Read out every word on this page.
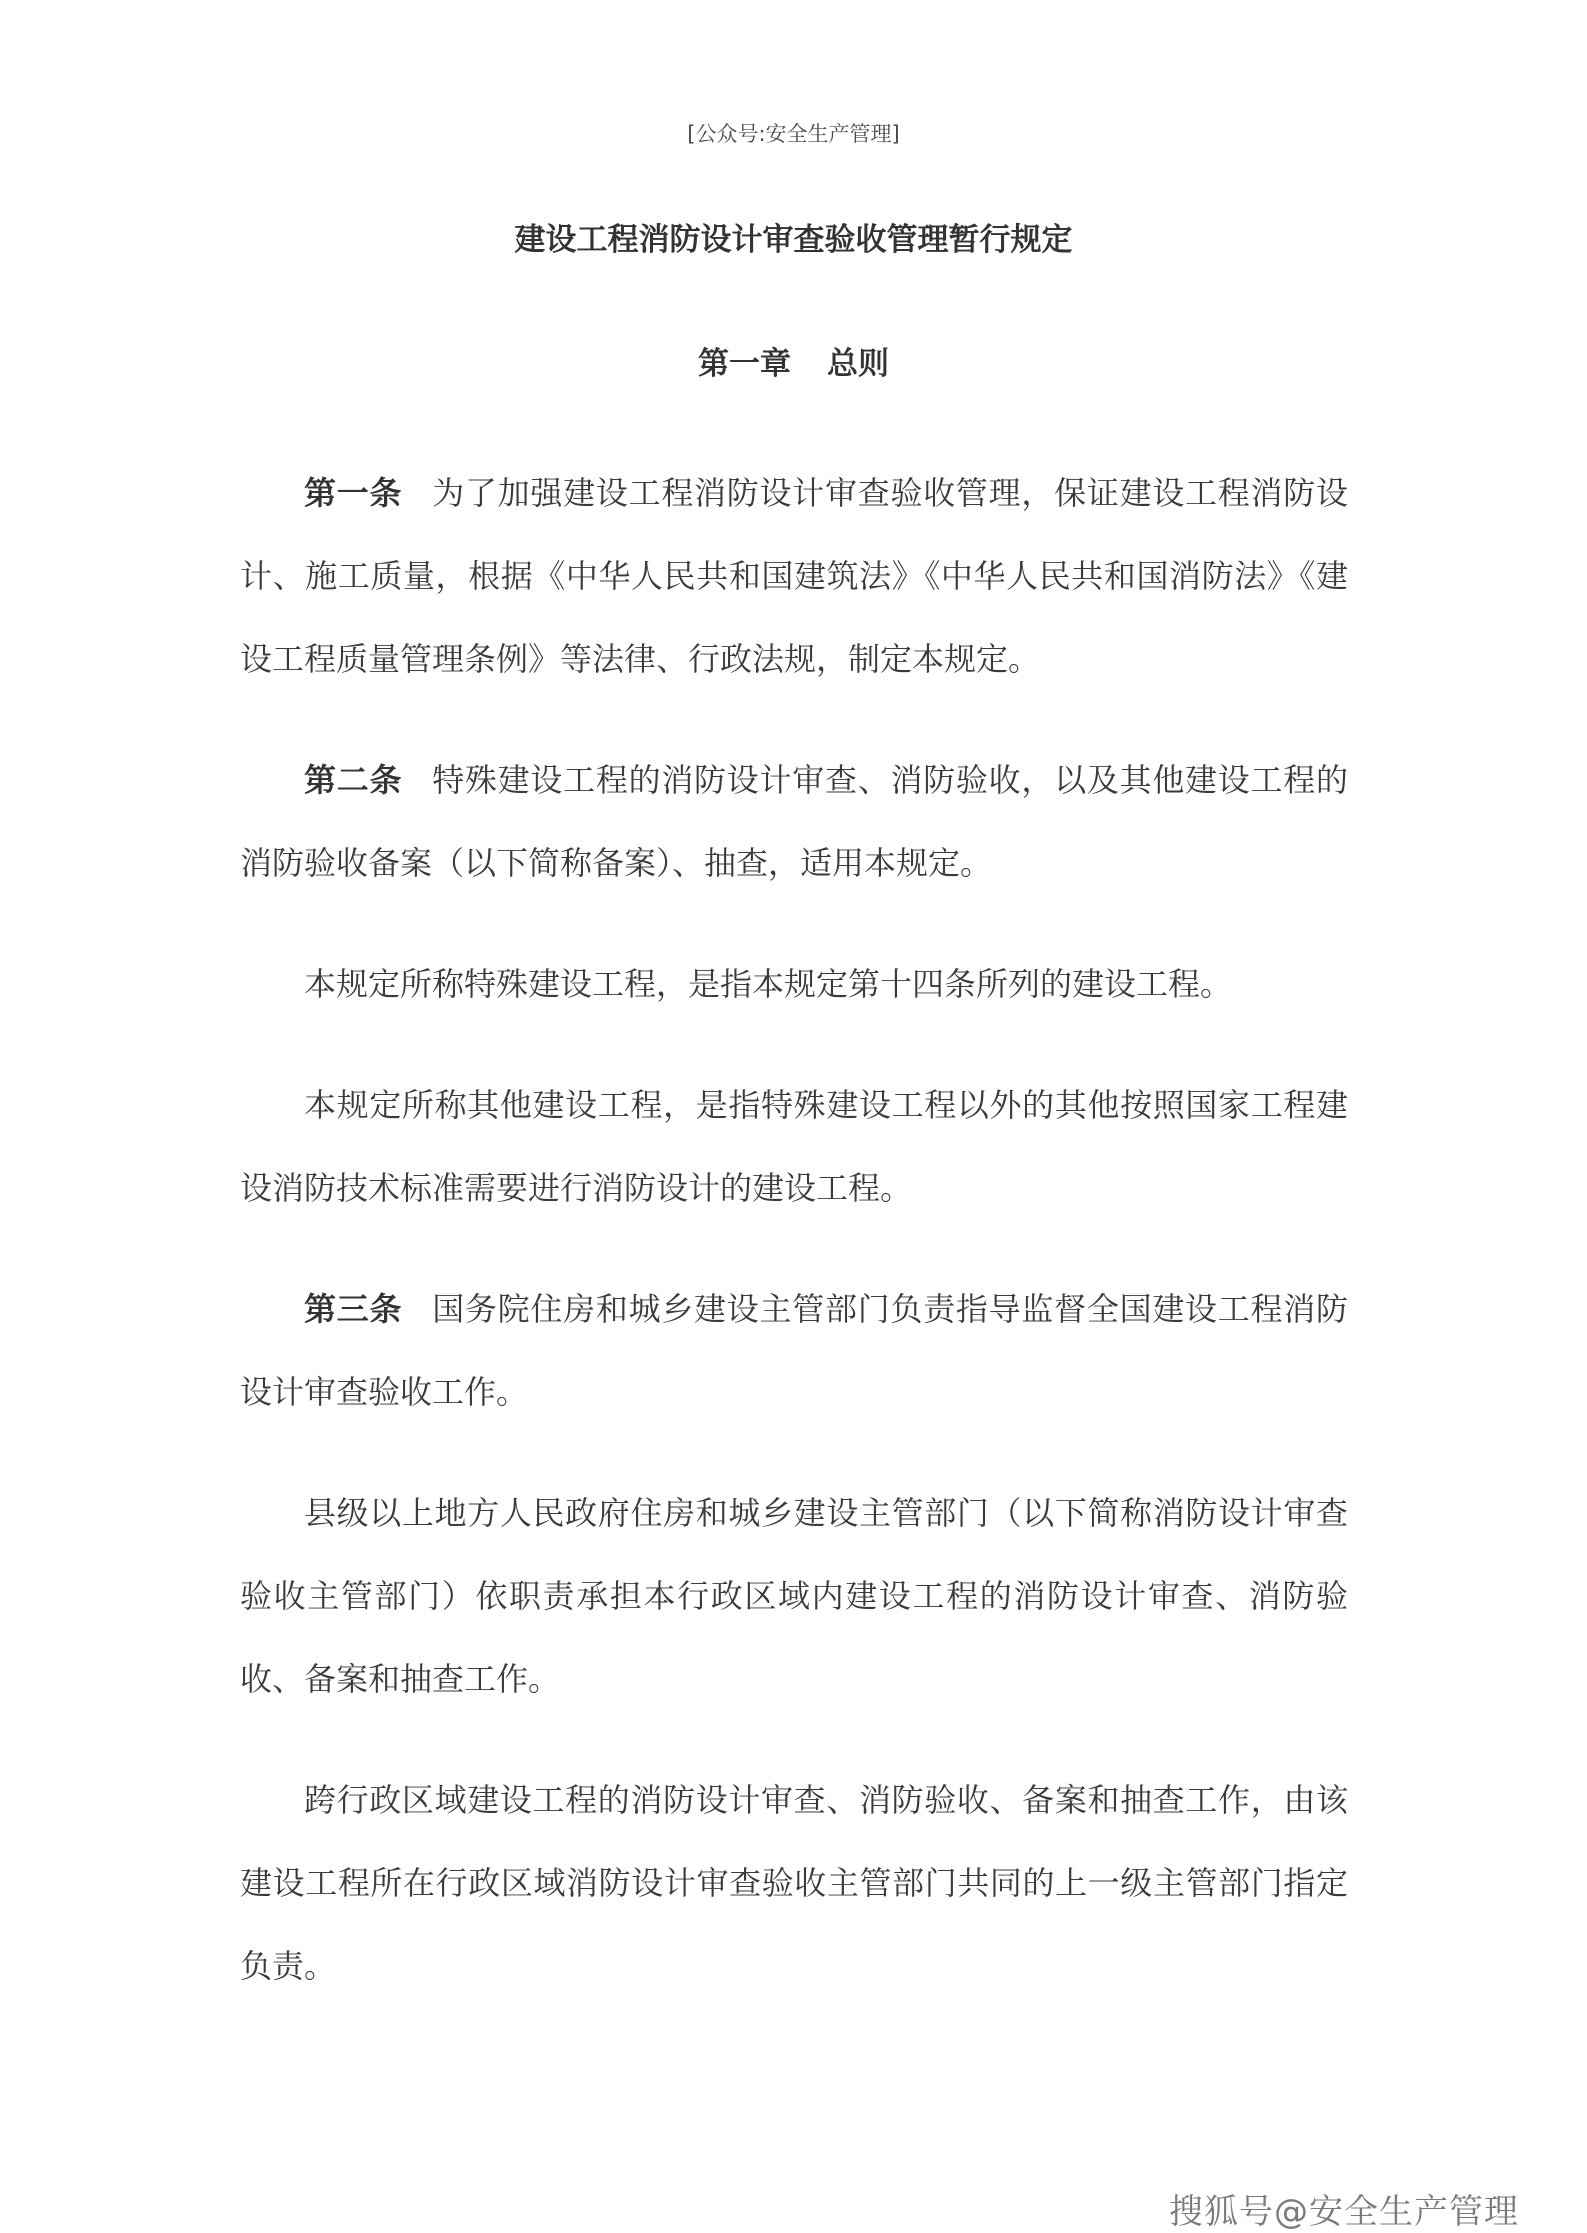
[公众号:安全生产管理]
建设工程消防设计审查验收管理暂行规定
第一章 总则

第一条 为了加强建设工程消防设计审查验收管理，保证建设工程消防设计、施工质量，根据《中华人民共和国建筑法》《中华人民共和国消防法》《建设工程质量管理条例》等法律、行政法规，制定本规定。

第二条 特殊建设工程的消防设计审查、消防验收，以及其他建设工程的消防验收备案（以下简称备案）、抽查，适用本规定。

本规定所称特殊建设工程，是指本规定第十四条所列的建设工程。

本规定所称其他建设工程，是指特殊建设工程以外的其他按照国家工程建设消防技术标准需要进行消防设计的建设工程。

第三条 国务院住房和城乡建设主管部门负责指导监督全国建设工程消防设计审查验收工作。

县级以上地方人民政府住房和城乡建设主管部门（以下简称消防设计审查验收主管部门）依职责承担本行政区域内建设工程的消防设计审查、消防验收、备案和抽查工作。

跨行政区域建设工程的消防设计审查、消防验收、备案和抽查工作，由该建设工程所在行政区域消防设计审查验收主管部门共同的上一级主管部门指定负责。

搜狐号@安全生产管理
